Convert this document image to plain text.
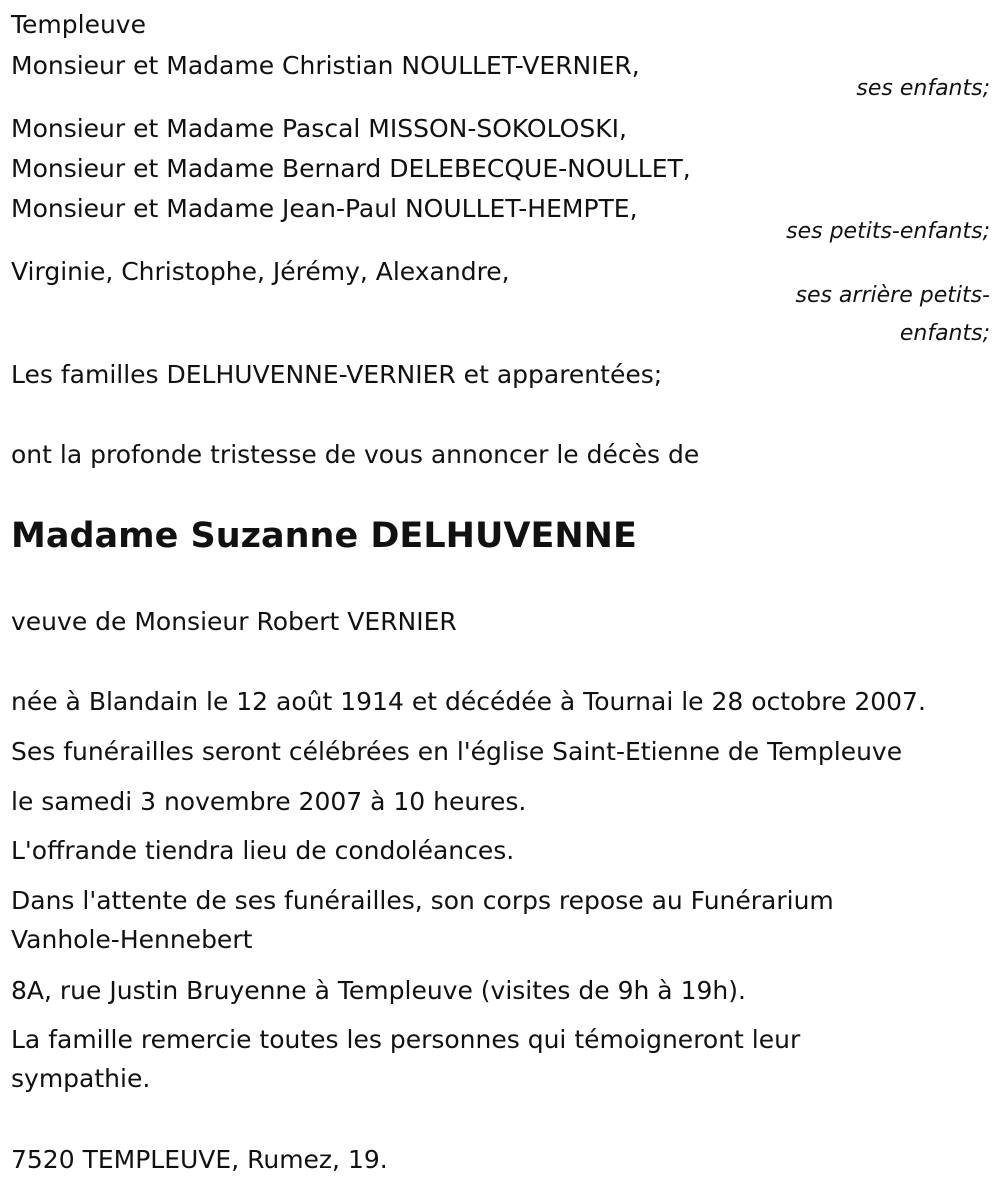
Templeuve

Monsieur et Madame Christian NOULLET-VERNIER,

ses enfants;

Monsieur et Madame Pascal MISSON-SOKOLOSKI,

Monsieur et Madame Bernard DELEBECQUE-NOULLET,

Monsieur et Madame Jean-Paul NOULLET-HEMPTE,

ses petits-enfants;

Virginie, Christophe, Jérémy, Alexandre,

ses arrière petits-
enfants;

Les familles DELHUVENNE-VERNIER et apparentées;

ont la profonde tristesse de vous annoncer le décès de

Madame Suzanne DELHUVENNE

veuve de Monsieur Robert VERNIER

née à Blandain le 12 août 1914 et décédée à Tournai le 28 octobre 2007.

Ses funérailles seront célébrées en l'église Saint-Etienne de Templeuve

le samedi 3 novembre 2007 à 10 heures.

L'offrande tiendra lieu de condoléances.

Dans l'attente de ses funérailles, son corps repose au Funérarium

Vanhole-Hennebert

8A, rue Justin Bruyenne à Templeuve (visites de 9h à 19h).

La famille remercie toutes les personnes qui témoigneront leur

sympathie.

7520 TEMPLEUVE, Rumez, 19.
